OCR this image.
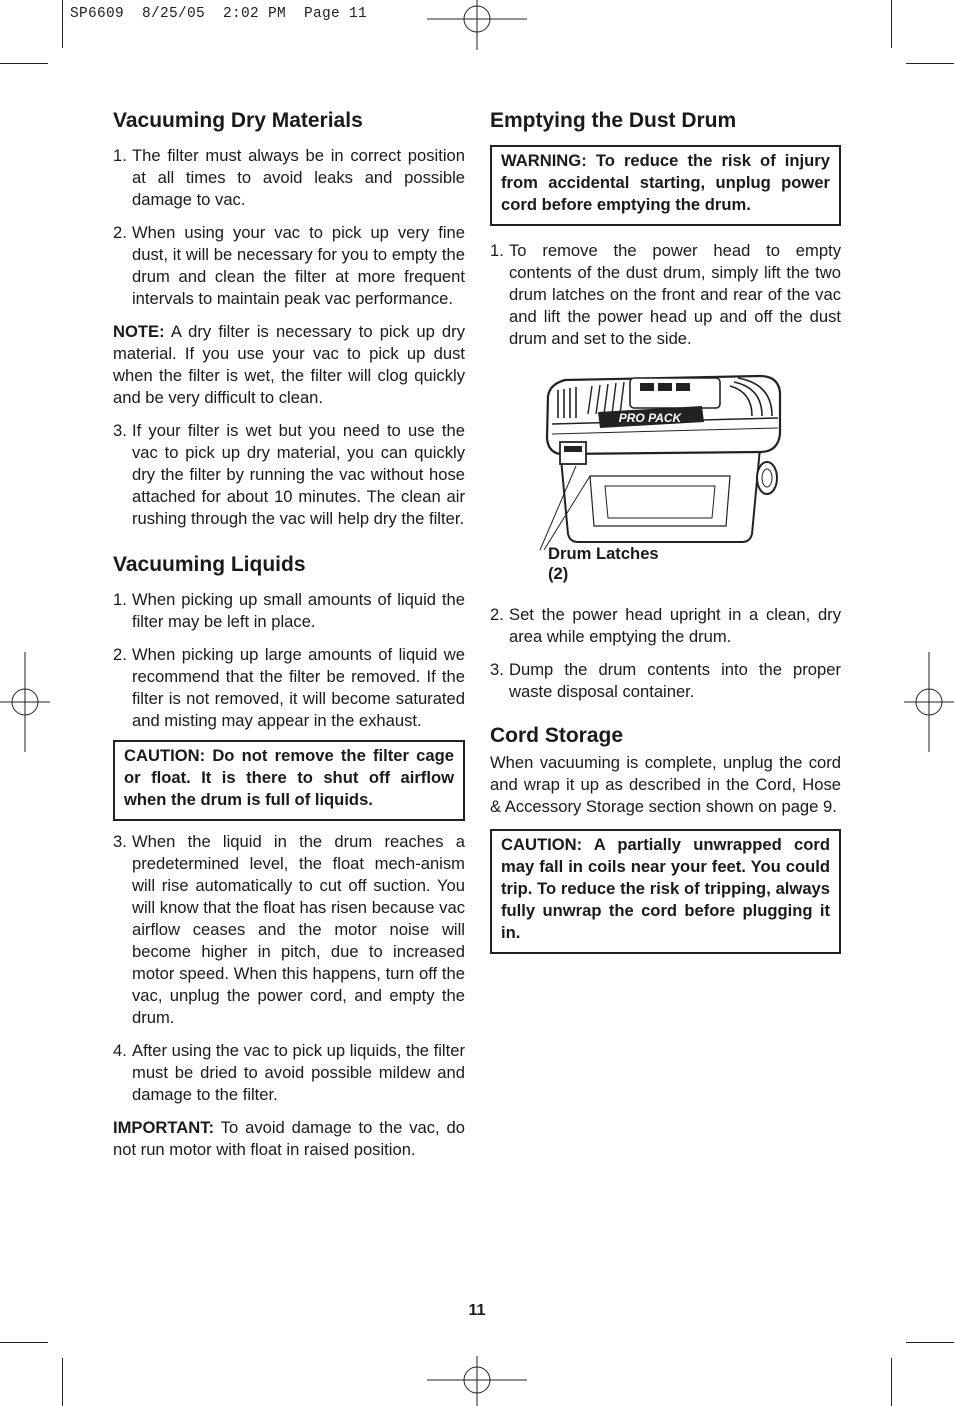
SP6609  8/25/05  2:02 PM  Page 11
Vacuuming Dry Materials
1. The filter must always be in correct position at all times to avoid leaks and possible damage to vac.
2. When using your vac to pick up very fine dust, it will be necessary for you to empty the drum and clean the filter at more frequent intervals to maintain peak vac performance.

NOTE: A dry filter is necessary to pick up dry material. If you use your vac to pick up dust when the filter is wet, the filter will clog quickly and be very difficult to clean.

3. If your filter is wet but you need to use the vac to pick up dry material, you can quickly dry the filter by running the vac without hose attached for about 10 minutes. The clean air rushing through the vac will help dry the filter.
Vacuuming Liquids
1. When picking up small amounts of liquid the filter may be left in place.
2. When picking up large amounts of liquid we recommend that the filter be removed. If the filter is not removed, it will become saturated and misting may appear in the exhaust.
CAUTION: Do not remove the filter cage or float. It is there to shut off airflow when the drum is full of liquids.
3. When the liquid in the drum reaches a predetermined level, the float mech-anism will rise automatically to cut off suction. You will know that the float has risen because vac airflow ceases and the motor noise will become higher in pitch, due to increased motor speed. When this happens, turn off the vac, unplug the power cord, and empty the drum.
4. After using the vac to pick up liquids, the filter must be dried to avoid possible mildew and damage to the filter.

IMPORTANT: To avoid damage to the vac, do not run motor with float in raised position.

Emptying the Dust Drum
WARNING: To reduce the risk of injury from accidental starting, unplug power cord before emptying the drum.
1. To remove the power head to empty contents of the dust drum, simply lift the two drum latches on the front and rear of the vac and lift the power head up and off the dust drum and set to the side.
PRO PACK
Drum Latches
(2)
2. Set the power head upright in a clean, dry area while emptying the drum.
3. Dump the drum contents into the proper waste disposal container.
Cord Storage

When vacuuming is complete, unplug the cord and wrap it up as described in the Cord, Hose & Accessory Storage section shown on page 9.

CAUTION: A partially unwrapped cord may fall in coils near your feet. You could trip. To reduce the risk of tripping, always fully unwrap the cord before plugging it in.
11
